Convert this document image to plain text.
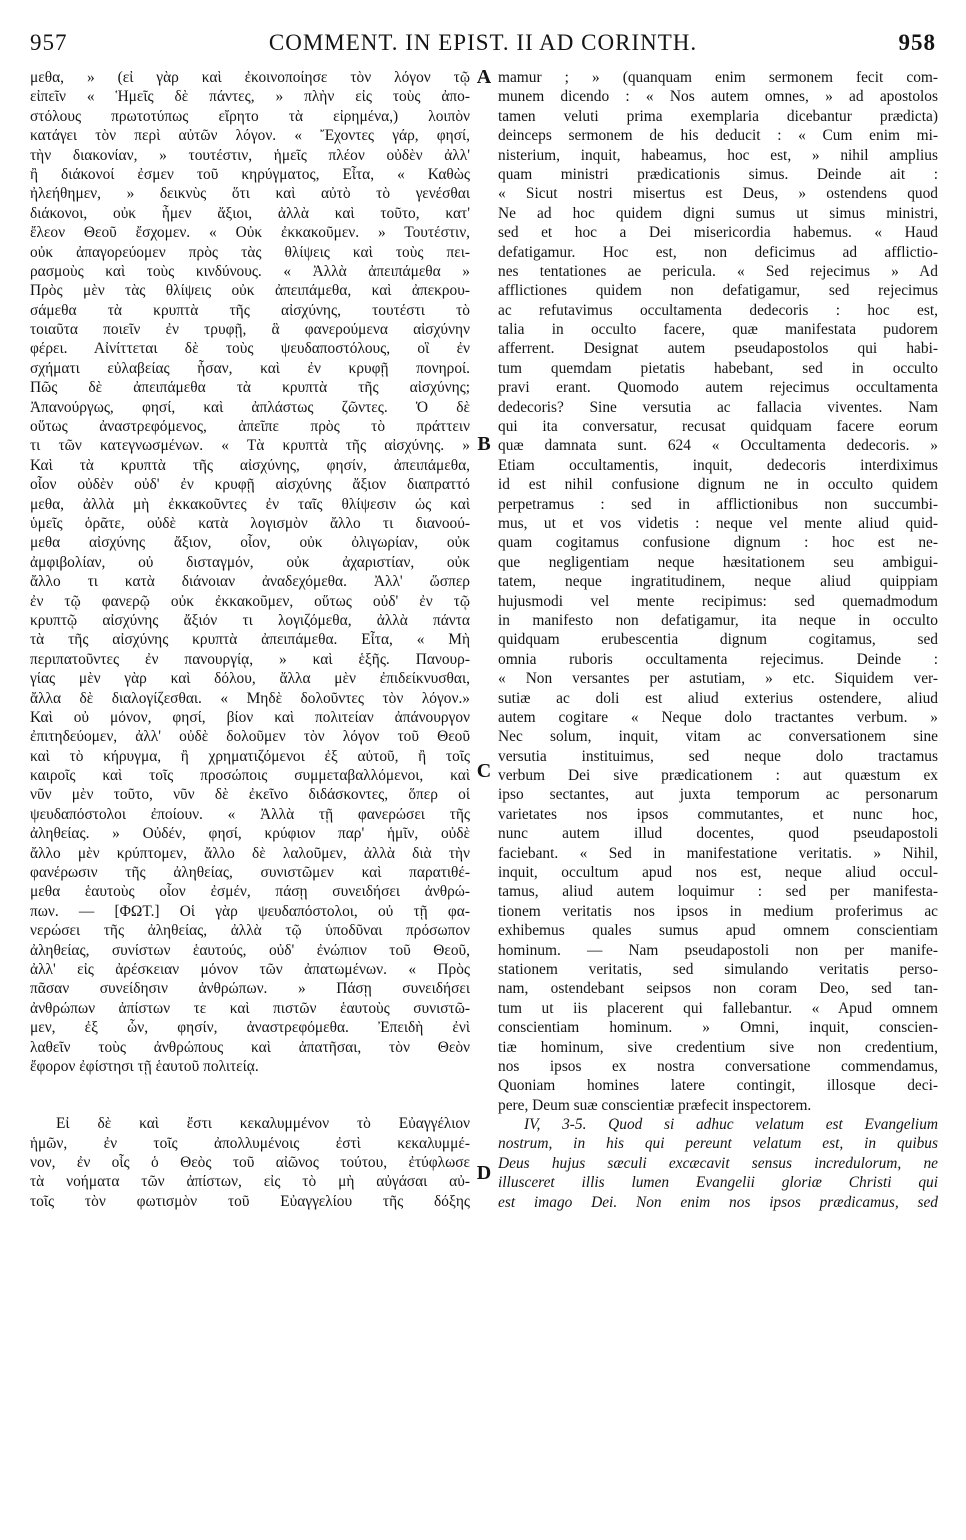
957	COMMENT. IN EPIST. II AD CORINTH.	958
A
B
C
D
μεθα, » (εἰ γὰρ καὶ ἐκοινοποίησε τὸν λόγον τῷ
εἰπεῖν « Ἡμεῖς δὲ πάντες, » πλὴν εἰς τοὺς ἀπο-
στόλους πρωτοτύπως εἴρητο τὰ εἰρημένα,) λοιπὸν
κατάγει τὸν περὶ αὐτῶν λόγον. « Ἔχοντες γάρ, φησί,
τὴν διακονίαν, » τουτέστιν, ἡμεῖς πλέον οὐδὲν ἀλλ'
ἢ διάκονοί ἐσμεν τοῦ κηρύγματος, Εἶτα, « Καθὼς
ἠλεήθημεν, » δεικνὺς ὅτι καὶ αὐτὸ τὸ γενέσθαι
διάκονοι, οὐκ ἦμεν ἄξιοι, ἀλλὰ καὶ τοῦτο, κατ'
ἔλεον Θεοῦ ἔσχομεν. « Οὐκ ἐκκακοῦμεν. » Τουτέστιν,
οὐκ ἀπαγορεύομεν πρὸς τὰς θλίψεις καὶ τοὺς πει-
ρασμοὺς καὶ τοὺς κινδύνους. « Ἀλλὰ ἀπειπάμεθα »
Πρὸς μὲν τὰς θλίψεις οὐκ ἀπειπάμεθα, καὶ ἀπεκρου-
σάμεθα τὰ κρυπτὰ τῆς αἰσχύνης, τουτέστι τὸ
τοιαῦτα ποιεῖν ἐν τρυφῇ, ἃ φανερούμενα αἰσχύνην
φέρει. Αἰνίττεται δὲ τοὺς ψευδαποστόλους, οἳ ἐν
σχήματι εὐλαβείας ἦσαν, καὶ ἐν κρυφῇ πονηροί.
Πῶς δὲ ἀπειπάμεθα τὰ κρυπτὰ τῆς αἰσχύνης;
Ἀπανούργως, φησί, καὶ ἀπλάστως ζῶντες. Ὁ δὲ
οὕτως ἀναστρεφόμενος, ἀπεῖπε πρὸς τὸ πράττειν
τι τῶν κατεγνωσμένων. « Τὰ κρυπτὰ τῆς αἰσχύνης. »
Καὶ τὰ κρυπτὰ τῆς αἰσχύνης, φησίν, ἀπειπάμεθα,
οἷον οὐδὲν οὐδ' ἐν κρυφῇ αἰσχύνης ἄξιον διαπραττό
μεθα, ἀλλὰ μὴ ἐκκακοῦντες ἐν ταῖς θλίψεσιν ὡς καὶ
ὑμεῖς ὁρᾶτε, οὐδὲ κατὰ λογισμὸν ἄλλο τι διανοού-
μεθα αἰσχύνης ἄξιον, οἷον, οὐκ ὀλιγωρίαν, οὐκ
ἀμφιβολίαν, οὐ δισταγμόν, οὐκ ἀχαριστίαν, οὐκ
ἄλλο τι κατὰ διάνοιαν ἀναδεχόμεθα. Ἀλλ' ὥσπερ
ἐν τῷ φανερῷ οὐκ ἐκκακοῦμεν, οὕτως οὐδ' ἐν τῷ
κρυπτῷ αἰσχύνης ἄξιόν τι λογιζόμεθα, ἀλλὰ πάντα
τὰ τῆς αἰσχύνης κρυπτὰ ἀπειπάμεθα. Εἶτα, « Μὴ
περιπατοῦντες ἐν πανουργίᾳ, » καὶ ἑξῆς. Πανουρ-
γίας μὲν γὰρ καὶ δόλου, ἄλλα μὲν ἐπιδείκνυσθαι,
ἄλλα δὲ διαλογίζεσθαι. « Μηδὲ δολοῦντες τὸν λόγον.»
Καὶ οὐ μόνον, φησί, βίον καὶ πολιτείαν ἀπάνουργον
ἐπιτηδεύομεν, ἀλλ' οὐδὲ δολοῦμεν τὸν λόγον τοῦ Θεοῦ
καὶ τὸ κήρυγμα, ἢ χρηματιζόμενοι ἐξ αὐτοῦ, ἢ τοῖς
καιροῖς καὶ τοῖς προσώποις συμμεταβαλλόμενοι, καὶ
νῦν μὲν τοῦτο, νῦν δὲ ἐκεῖνο διδάσκοντες, ὅπερ οἱ
ψευδαπόστολοι ἐποίουν. « Ἀλλὰ τῇ φανερώσει τῆς
ἀληθείας. » Οὐδέν, φησί, κρύφιον παρ' ἡμῖν, οὐδὲ
ἄλλο μὲν κρύπτομεν, ἄλλο δὲ λαλοῦμεν, ἀλλὰ διὰ τὴν
φανέρωσιν τῆς ἀληθείας, συνιστῶμεν καὶ παρατιθέ-
μεθα ἑαυτοὺς οἷον ἐσμέν, πάσῃ συνειδήσει ἀνθρώ-
πων. — [ΦΩΤ.] Οἱ γὰρ ψευδαπόστολοι, οὐ τῇ φα-
νερώσει τῆς ἀληθείας, ἀλλὰ τῷ ὑποδῦναι πρόσωπον
ἀληθείας, συνίστων ἑαυτούς, οὐδ' ἐνώπιον τοῦ Θεοῦ,
ἀλλ' εἰς ἀρέσκειαν μόνον τῶν ἀπατωμένων. « Πρὸς
πᾶσαν συνείδησιν ἀνθρώπων. » Πάσῃ συνειδήσει
ἀνθρώπων ἀπίστων τε καὶ πιστῶν ἑαυτοὺς συνιστῶ-
μεν, ἐξ ὧν, φησίν, ἀναστρεφόμεθα. Ἐπειδὴ ἐνὶ
λαθεῖν τοὺς ἀνθρώπους καὶ ἀπατῆσαι, τὸν Θεὸν
ἔφορον ἐφίστησι τῇ ἑαυτοῦ πολιτείᾳ.
Εἰ δὲ καὶ ἔστι κεκαλυμμένον τὸ Εὐαγγέλιον
ἡμῶν, ἐν τοῖς ἀπολλυμένοις ἐστὶ κεκαλυμμέ-
νον, ἐν οἷς ὁ Θεὸς τοῦ αἰῶνος τούτου, ἐτύφλωσε
τὰ νοήματα τῶν ἀπίστων, εἰς τὸ μὴ αὐγάσαι αὐ-
τοῖς τὸν φωτισμὸν τοῦ Εὐαγγελίου τῆς δόξης
mamur ; » (quanquam enim sermonem fecit com-
munem dicendo : « Nos autem omnes, » ad apostolos
tamen veluti prima exemplaria dicebantur prædicta)
deinceps sermonem de his deducit : « Cum enim mi-
nisterium, inquit, habeamus, hoc est, » nihil amplius
quam ministri prædicationis simus. Deinde ait :
« Sicut nostri misertus est Deus, » ostendens quod
Ne ad hoc quidem digni sumus ut simus ministri,
sed et hoc a Dei misericordia habemus. « Haud
defatigamur. Hoc est, non deficimus ad afflictio-
nes tentationes ae pericula. « Sed rejecimus » Ad
afflictiones quidem non defatigamur, sed rejecimus
ac refutavimus occultamenta dedecoris : hoc est,
talia in occulto facere, quæ manifestata pudorem
afferrent. Designat autem pseudapostolos qui habi-
tum quemdam pietatis habebant, sed in occulto
pravi erant. Quomodo autem rejecimus occultamenta
dedecoris? Sine versutia ac fallacia viventes. Nam
qui ita conversatur, recusat quidquam facere eorum
quæ damnata sunt. 624 « Occultamenta dedecoris. »
Etiam occultamentis, inquit, dedecoris interdiximus
id est nihil confusione dignum ne in occulto quidem
perpetramus : sed in afflictionibus non succumbi-
mus, ut et vos videtis : neque vel mente aliud quid-
quam cogitamus confusione dignum : hoc est ne-
que negligentiam neque hæsitationem seu ambigui-
tatem, neque ingratitudinem, neque aliud quippiam
hujusmodi vel mente recipimus: sed quemadmodum
in manifesto non defatigamur, ita neque in occulto
quidquam erubescentia dignum cogitamus, sed
omnia ruboris occultamenta rejecimus. Deinde :
« Non versantes per astutiam, » etc. Siquidem ver-
sutiæ ac doli est aliud exterius ostendere, aliud
autem cogitare « Neque dolo tractantes verbum. »
Nec solum, inquit, vitam ac conversationem sine
versutia instituimus, sed neque dolo tractamus
verbum Dei sive prædicationem : aut quæstum ex
ipso sectantes, aut juxta temporum ac personarum
varietates nos ipsos commutantes, et nunc hoc,
nunc autem illud docentes, quod pseudapostoli
faciebant. « Sed in manifestatione veritatis. » Nihil,
inquit, occultum apud nos est, neque aliud occul-
tamus, aliud autem loquimur : sed per manifesta-
tionem veritatis nos ipsos in medium proferimus ac
exhibemus quales sumus apud omnem conscientiam
hominum. — Nam pseudapostoli non per manife-
stationem veritatis, sed simulando veritatis perso-
nam, ostendebant seipsos non coram Deo, sed tan-
tum ut iis placerent qui fallebantur. « Apud omnem
conscientiam hominum. » Omni, inquit, conscien-
tiæ hominum, sive credentium sive non credentium,
nos ipsos ex nostra conversatione commendamus,
Quoniam homines latere contingit, illosque deci-
pere, Deum suæ conscientiæ præfecit inspectorem.
IV, 3-5. Quod si adhuc velatum est Evangelium
nostrum, in his qui pereunt velatum est, in quibus
Deus hujus sæculi excæcavit sensus incredulorum, ne
illusceret illis lumen Evangelii gloriæ Christi qui
est imago Dei. Non enim nos ipsos prædicamus, sed
